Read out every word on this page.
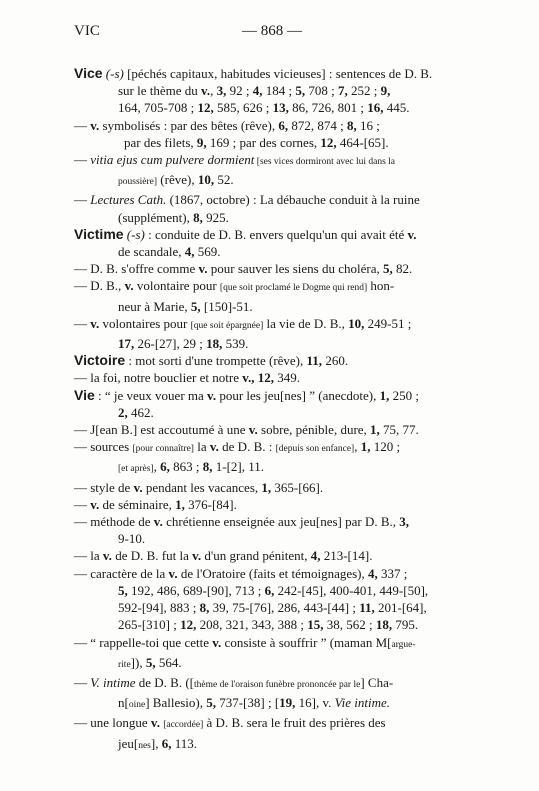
VIC	— 868 —
Vice (-s) [péchés capitaux, habitudes vicieuses] : sentences de D. B.
sur le thème du v., 3, 92 ; 4, 184 ; 5, 708 ; 7, 252 ; 9,
164, 705-708 ; 12, 585, 626 ; 13, 86, 726, 801 ; 16, 445.
— v. symbolisés : par des bêtes (rêve), 6, 872, 874 ; 8, 16 ;
par des filets, 9, 169 ; par des cornes, 12, 464-[65].
— vitia ejus cum pulvere dormient [ses vices dormiront avec lui dans la
poussière] (rêve), 10, 52.
— Lectures Cath. (1867, octobre) : La débauche conduit à la ruine
(supplément), 8, 925.
Victime (-s) : conduite de D. B. envers quelqu'un qui avait été v.
de scandale, 4, 569.
— D. B. s'offre comme v. pour sauver les siens du choléra, 5, 82.
— D. B., v. volontaire pour [que soit proclamé le Dogme qui rend] hon-
neur à Marie, 5, [150]-51.
— v. volontaires pour [que soit épargnée] la vie de D. B., 10, 249-51 ;
17, 26-[27], 29 ; 18, 539.
Victoire : mot sorti d'une trompette (rêve), 11, 260.
— la foi, notre bouclier et notre v., 12, 349.
Vie : “ je veux vouer ma v. pour les jeu[nes] ” (anecdote), 1, 250 ;
2, 462.
— J[ean B.] est accoutumé à une v. sobre, pénible, dure, 1, 75, 77.
— sources [pour connaître] la v. de D. B. : [depuis son enfance], 1, 120 ;
[et après], 6, 863 ; 8, 1-[2], 11.
— style de v. pendant les vacances, 1, 365-[66].
— v. de séminaire, 1, 376-[84].
— méthode de v. chrétienne enseignée aux jeu[nes] par D. B., 3,
9-10.
— la v. de D. B. fut la v. d'un grand pénitent, 4, 213-[14].
— caractère de la v. de l'Oratoire (faits et témoignages), 4, 337 ;
5, 192, 486, 689-[90], 713 ; 6, 242-[45], 400-401, 449-[50],
592-[94], 883 ; 8, 39, 75-[76], 286, 443-[44] ; 11, 201-[64],
265-[310] ; 12, 208, 321, 343, 388 ; 15, 38, 562 ; 18, 795.
— “ rappelle-toi que cette v. consiste à souffrir ” (maman M[argue-
rite]), 5, 564.
— V. intime de D. B. ([thème de l'oraison funèbre prononcée par le] Cha-
n[oine] Ballesio), 5, 737-[38] ; [19, 16], v. Vie intime.
— une longue v. [accordée] à D. B. sera le fruit des prières des
jeu[nes], 6, 113.
